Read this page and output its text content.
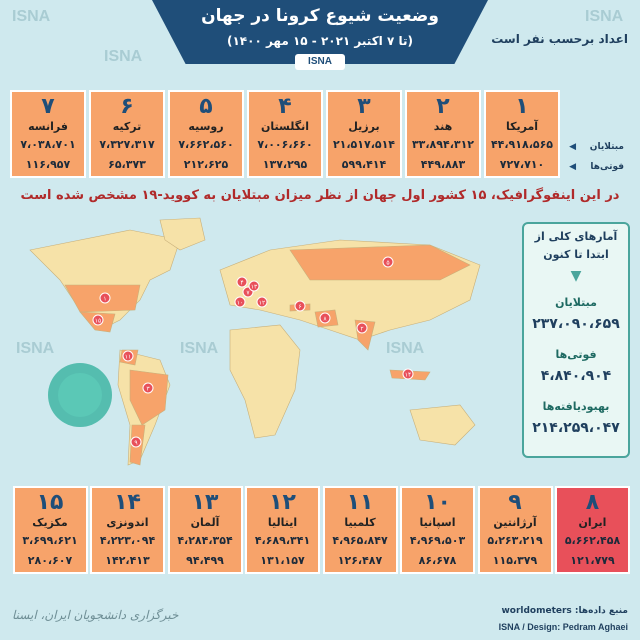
ISNA	ISNA
ISNA
ISNA	ISNA	ISNA
وضعیت شیوع کرونا در جهان
(تا ۷ اکتبر ۲۰۲۱ - ۱۵ مهر ۱۴۰۰)
ISNA
اعداد برحسب نفر است
۱
آمریکا
۴۴،۹۱۸،۵۶۵
۷۲۷،۷۱۰
۲
هند
۳۳،۸۹۴،۳۱۲
۴۴۹،۸۸۳
۳
برزیل
۲۱،۵۱۷،۵۱۴
۵۹۹،۴۱۴
۴
انگلستان
۷،۰۰۶،۶۶۰
۱۳۷،۲۹۵
۵
روسیه
۷،۶۶۲،۵۶۰
۲۱۲،۶۲۵
۶
ترکیه
۷،۳۲۷،۳۱۷
۶۵،۳۷۳
۷
فرانسه
۷،۰۳۸،۷۰۱
۱۱۶،۹۵۷
مبتلایان
فوتی‌ها
◀
◀
در این اینفوگرافیک، ۱۵ کشور اول جهان از نظر میزان مبتلایان به کووید-۱۹ مشخص شده است
۱
۲
۳
۴
۵
۶
۷
۸
۹
۱۰
۱۱
۱۲
۱۳
۱۴
۱۵
آمارهای کلی از
ابتدا تا کنون
▼
مبتلایان
۲۳۷،۰۹۰،۶۵۹
فوتی‌ها
۴،۸۴۰،۹۰۴
بهبودیافته‌ها
۲۱۴،۲۵۹،۰۴۷
۸
ایران
۵،۶۶۲،۴۵۸
۱۲۱،۷۷۹
۹
آرژانتین
۵،۲۶۳،۲۱۹
۱۱۵،۳۷۹
۱۰
اسپانیا
۴،۹۶۹،۵۰۳
۸۶،۶۷۸
۱۱
کلمبیا
۴،۹۶۵،۸۴۷
۱۲۶،۴۸۷
۱۲
ایتالیا
۴،۶۸۹،۳۴۱
۱۳۱،۱۵۷
۱۳
آلمان
۴،۲۸۴،۳۵۴
۹۴،۴۹۹
۱۴
اندونزی
۴،۲۲۳،۰۹۴
۱۴۲،۴۱۳
۱۵
مکزیک
۳،۶۹۹،۶۲۱
۲۸۰،۶۰۷
منبع داده‌ها: worldometers
ISNA / Design: Pedram Aghaei
خبرگزاری دانشجویان ایران، ایسنا
